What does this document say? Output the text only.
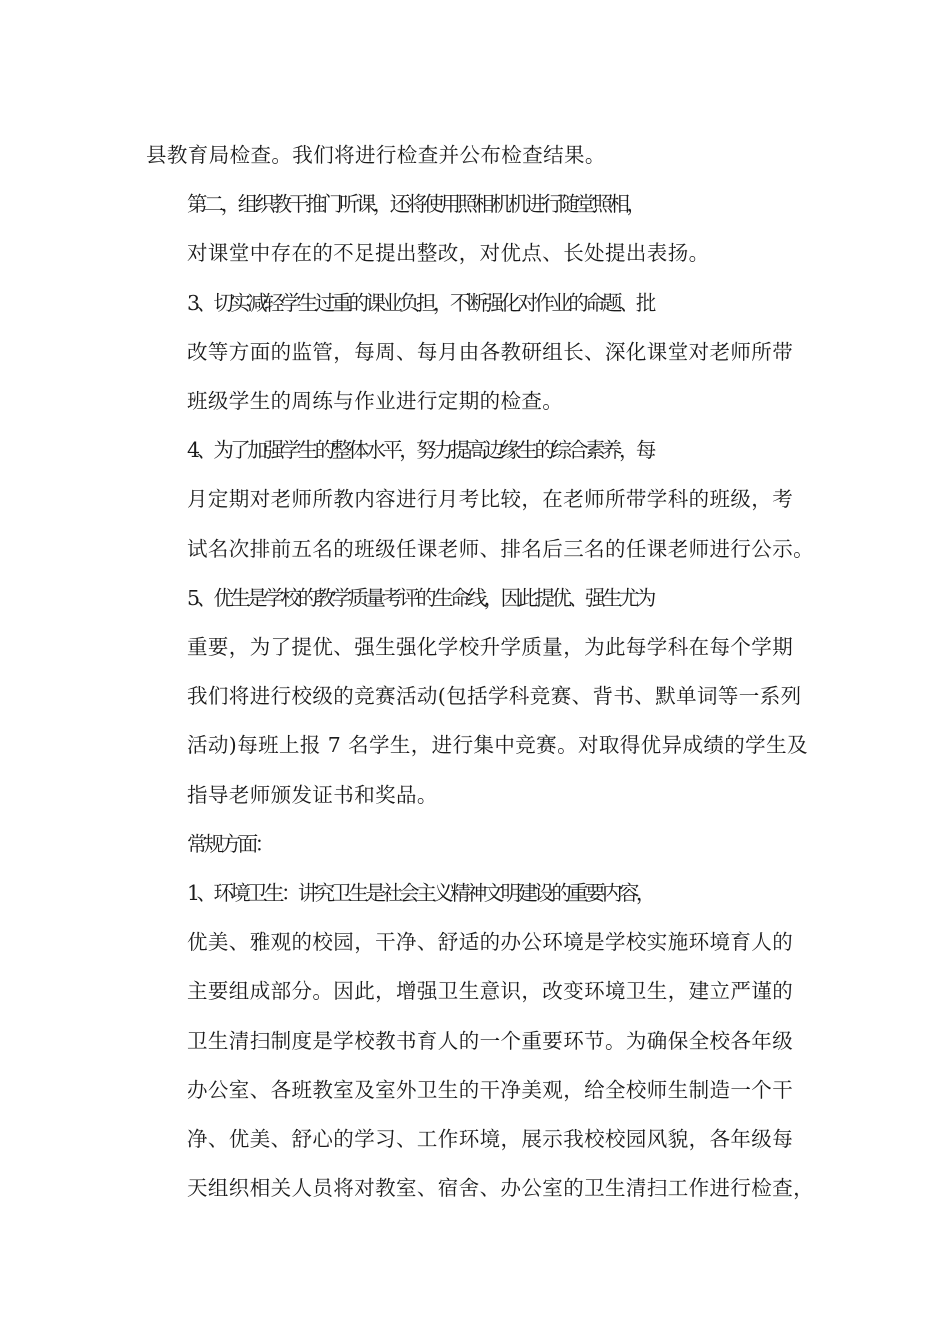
县教育局检查。我们将进行检查并公布检查结果。

第二，组织教干推门听课，还将使用照相机机进行随堂照相，
对课堂中存在的不足提出整改，对优点、长处提出表扬。

3、切实减轻学生过重的课业负担，不断强化对作业的命题、批
改等方面的监管，每周、每月由各教研组长、深化课堂对老师所带
班级学生的周练与作业进行定期的检查。

4、为了加强学生的整体水平，努力提高边缘生的综合素养，每
月定期对老师所教内容进行月考比较，在老师所带学科的班级，考
试名次排前五名的班级任课老师、排名后三名的任课老师进行公示。

5、优生是学校的教学质量考评的生命线，因此提优、强生尤为
重要，为了提优、强生强化学校升学质量，为此每学科在每个学期
我们将进行校级的竞赛活动(包括学科竞赛、背书、默单词等一系列
活动)每班上报 7 名学生，进行集中竞赛。对取得优异成绩的学生及
指导老师颁发证书和奖品。

常规方面：

1、环境卫生：讲究卫生是社会主义精神文明建设的重要内容，
优美、雅观的校园，干净、舒适的办公环境是学校实施环境育人的
主要组成部分。因此，增强卫生意识，改变环境卫生，建立严谨的
卫生清扫制度是学校教书育人的一个重要环节。为确保全校各年级
办公室、各班教室及室外卫生的干净美观，给全校师生制造一个干
净、优美、舒心的学习、工作环境，展示我校校园风貌，各年级每
天组织相关人员将对教室、宿舍、办公室的卫生清扫工作进行检查，
